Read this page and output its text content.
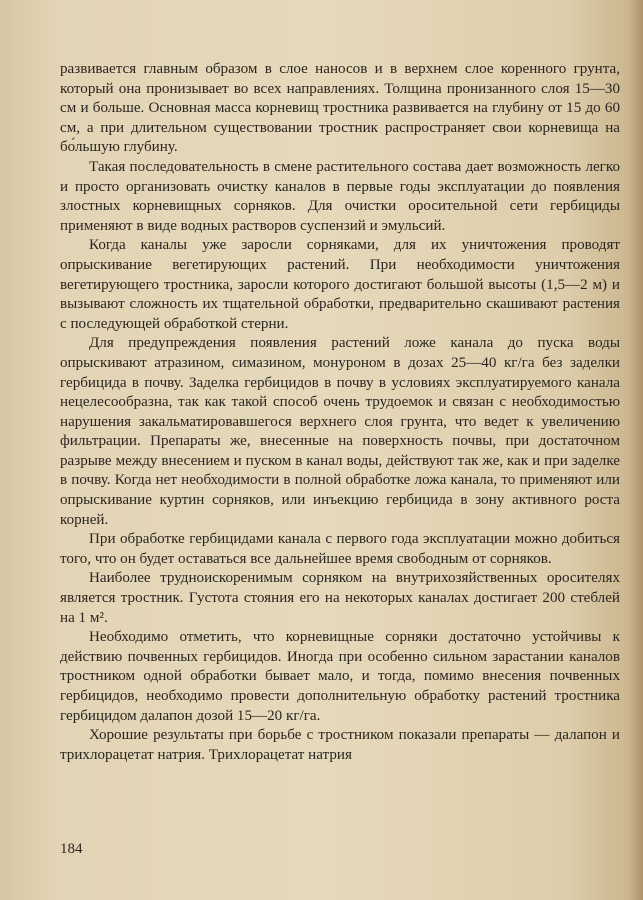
развивается главным образом в слое наносов и в верхнем слое коренного грунта, который она пронизывает во всех направлениях. Толщина пронизанного слоя 15—30 см и больше. Основная масса корневищ тростника развивается на глубину от 15 до 60 см, а при длительном существовании тростник распространяет свои корневища на бо́льшую глубину.

Такая последовательность в смене растительного состава дает возможность легко и просто организовать очистку каналов в первые годы эксплуатации до появления злостных корневищных сорняков. Для очистки оросительной сети гербициды применяют в виде водных растворов суспензий и эмульсий.

Когда каналы уже заросли сорняками, для их уничтожения проводят опрыскивание вегетирующих растений. При необходимости уничтожения вегетирующего тростника, заросли которого достигают большой высоты (1,5—2 м) и вызывают сложность их тщательной обработки, предварительно скашивают растения с последующей обработкой стерни.

Для предупреждения появления растений ложе канала до пуска воды опрыскивают атразином, симазином, монуроном в дозах 25—40 кг/га без заделки гербицида в почву. Заделка гербицидов в почву в условиях эксплуатируемого канала нецелесообразна, так как такой способ очень трудоемок и связан с необходимостью нарушения закальматировавшегося верхнего слоя грунта, что ведет к увеличению фильтрации. Препараты же, внесенные на поверхность почвы, при достаточном разрыве между внесением и пуском в канал воды, действуют так же, как и при заделке в почву. Когда нет необходимости в полной обработке ложа канала, то применяют или опрыскивание куртин сорняков, или инъекцию гербицида в зону активного роста корней.

При обработке гербицидами канала с первого года эксплуатации можно добиться того, что он будет оставаться все дальнейшее время свободным от сорняков.

Наиболее трудноискоренимым сорняком на внутрихозяйственных оросителях является тростник. Густота стояния его на некоторых каналах достигает 200 стеблей на 1 м².

Необходимо отметить, что корневищные сорняки достаточно устойчивы к действию почвенных гербицидов. Иногда при особенно сильном зарастании каналов тростником одной обработки бывает мало, и тогда, помимо внесения почвенных гербицидов, необходимо провести дополнительную обработку растений тростника гербицидом далапон дозой 15—20 кг/га.

Хорошие результаты при борьбе с тростником показали препараты — далапон и трихлорацетат натрия. Трихлорацетат натрия

184
